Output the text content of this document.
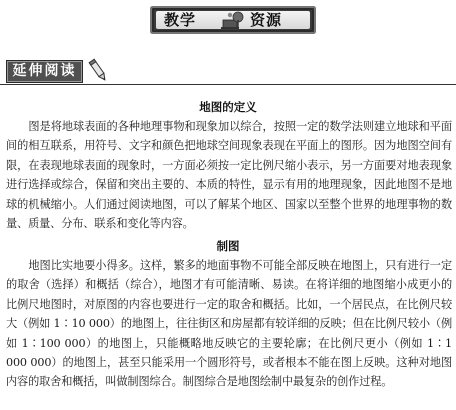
教学	资源
延伸阅读
地图的定义

图是将地球表面的各种地理事物和现象加以综合，按照一定的数学法则建立地球和平面间的相互联系，用符号、文字和颜色把地球空间现象表现在平面上的图形。因为地图空间有限，在表现地球表面的现象时，一方面必须按一定比例尺缩小表示，另一方面要对地表现象进行选择或综合，保留和突出主要的、本质的特性，显示有用的地理现象，因此地图不是地球的机械缩小。人们通过阅读地图，可以了解某个地区、国家以至整个世界的地理事物的数量、质量、分布、联系和变化等内容。

制图

地图比实地要小得多。这样，繁多的地面事物不可能全部反映在地图上，只有进行一定的取舍（选择）和概括（综合），地图才有可能清晰、易读。在将详细的地图缩小成更小的比例尺地图时，对原图的内容也要进行一定的取舍和概括。比如，一个居民点，在比例尺较大（例如 1∶10 000）的地图上，往往街区和房屋都有较详细的反映；但在比例尺较小（例如 1∶100 000）的地图上，只能概略地反映它的主要轮廓；在比例尺更小（例如 1∶1 000 000）的地图上，甚至只能采用一个圆形符号，或者根本不能在图上反映。这种对地图内容的取舍和概括，叫做制图综合。制图综合是地图绘制中最复杂的创作过程。
